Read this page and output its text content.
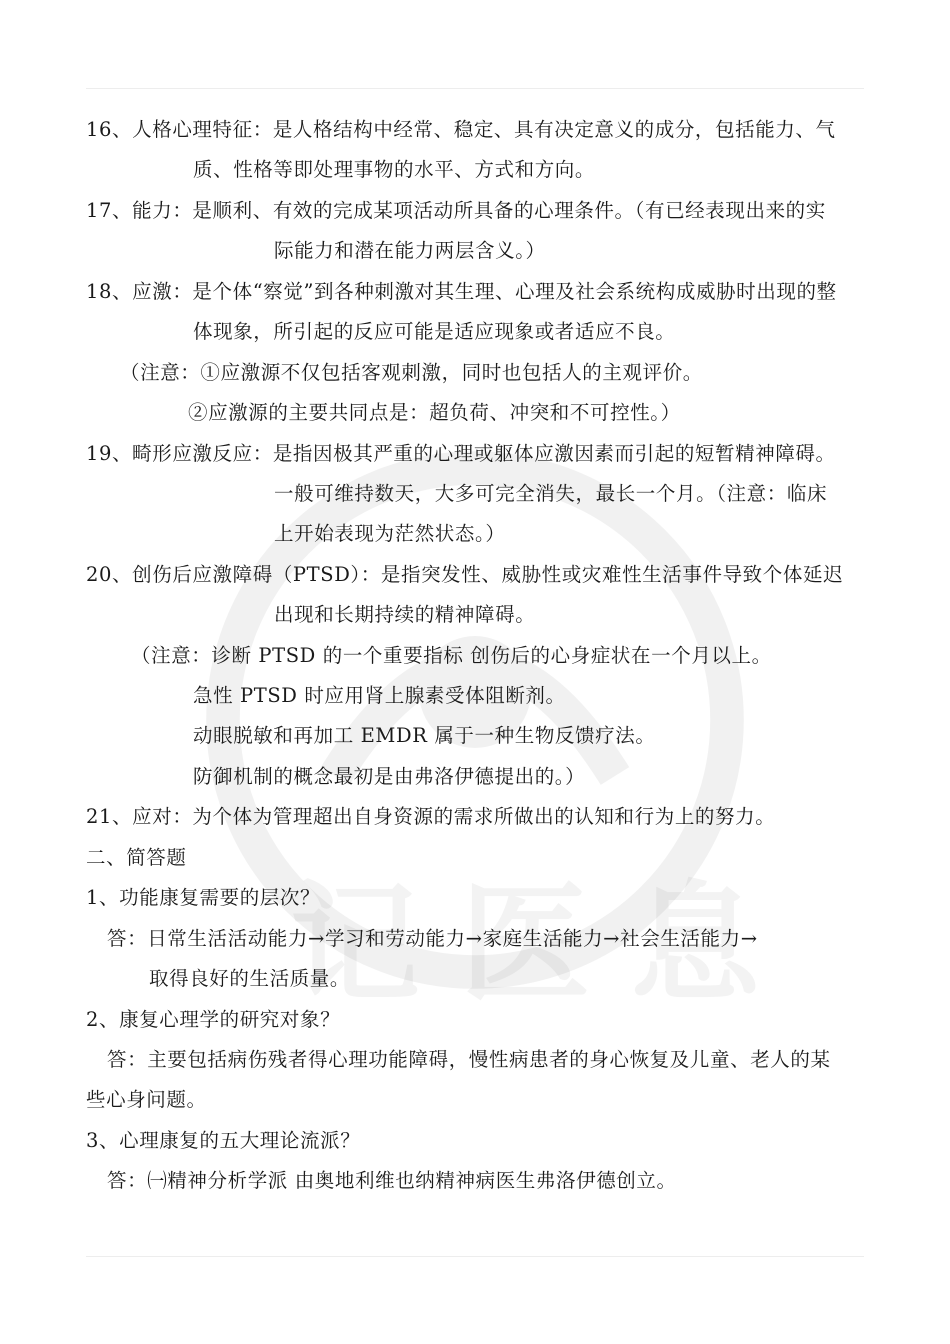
16、人格心理特征：是人格结构中经常、稳定、具有决定意义的成分，包括能力、气
质、性格等即处理事物的水平、方式和方向。
17、能力：是顺利、有效的完成某项活动所具备的心理条件。（有已经表现出来的实
际能力和潜在能力两层含义。）
18、应激：是个体“察觉”到各种刺激对其生理、心理及社会系统构成威胁时出现的整
体现象，所引起的反应可能是适应现象或者适应不良。
（注意：①应激源不仅包括客观刺激，同时也包括人的主观评价。
②应激源的主要共同点是：超负荷、冲突和不可控性。）
19、畸形应激反应：是指因极其严重的心理或躯体应激因素而引起的短暂精神障碍。
一般可维持数天，大多可完全消失，最长一个月。（注意：临床
上开始表现为茫然状态。）
20、创伤后应激障碍（PTSD）：是指突发性、威胁性或灾难性生活事件导致个体延迟
出现和长期持续的精神障碍。
（注意：诊断 PTSD 的一个重要指标 创伤后的心身症状在一个月以上。
急性 PTSD 时应用肾上腺素受体阻断剂。
动眼脱敏和再加工 EMDR 属于一种生物反馈疗法。
防御机制的概念最初是由弗洛伊德提出的。）
21、应对：为个体为管理超出自身资源的需求所做出的认知和行为上的努力。
二、简答题
1、功能康复需要的层次？
答：日常生活活动能力→学习和劳动能力→家庭生活能力→社会生活能力→
取得良好的生活质量。
2、康复心理学的研究对象？
答：主要包括病伤残者得心理功能障碍，慢性病患者的身心恢复及儿童、老人的某
些心身问题。
3、心理康复的五大理论流派？
答：㈠精神分析学派 由奥地利维也纳精神病医生弗洛伊德创立。
